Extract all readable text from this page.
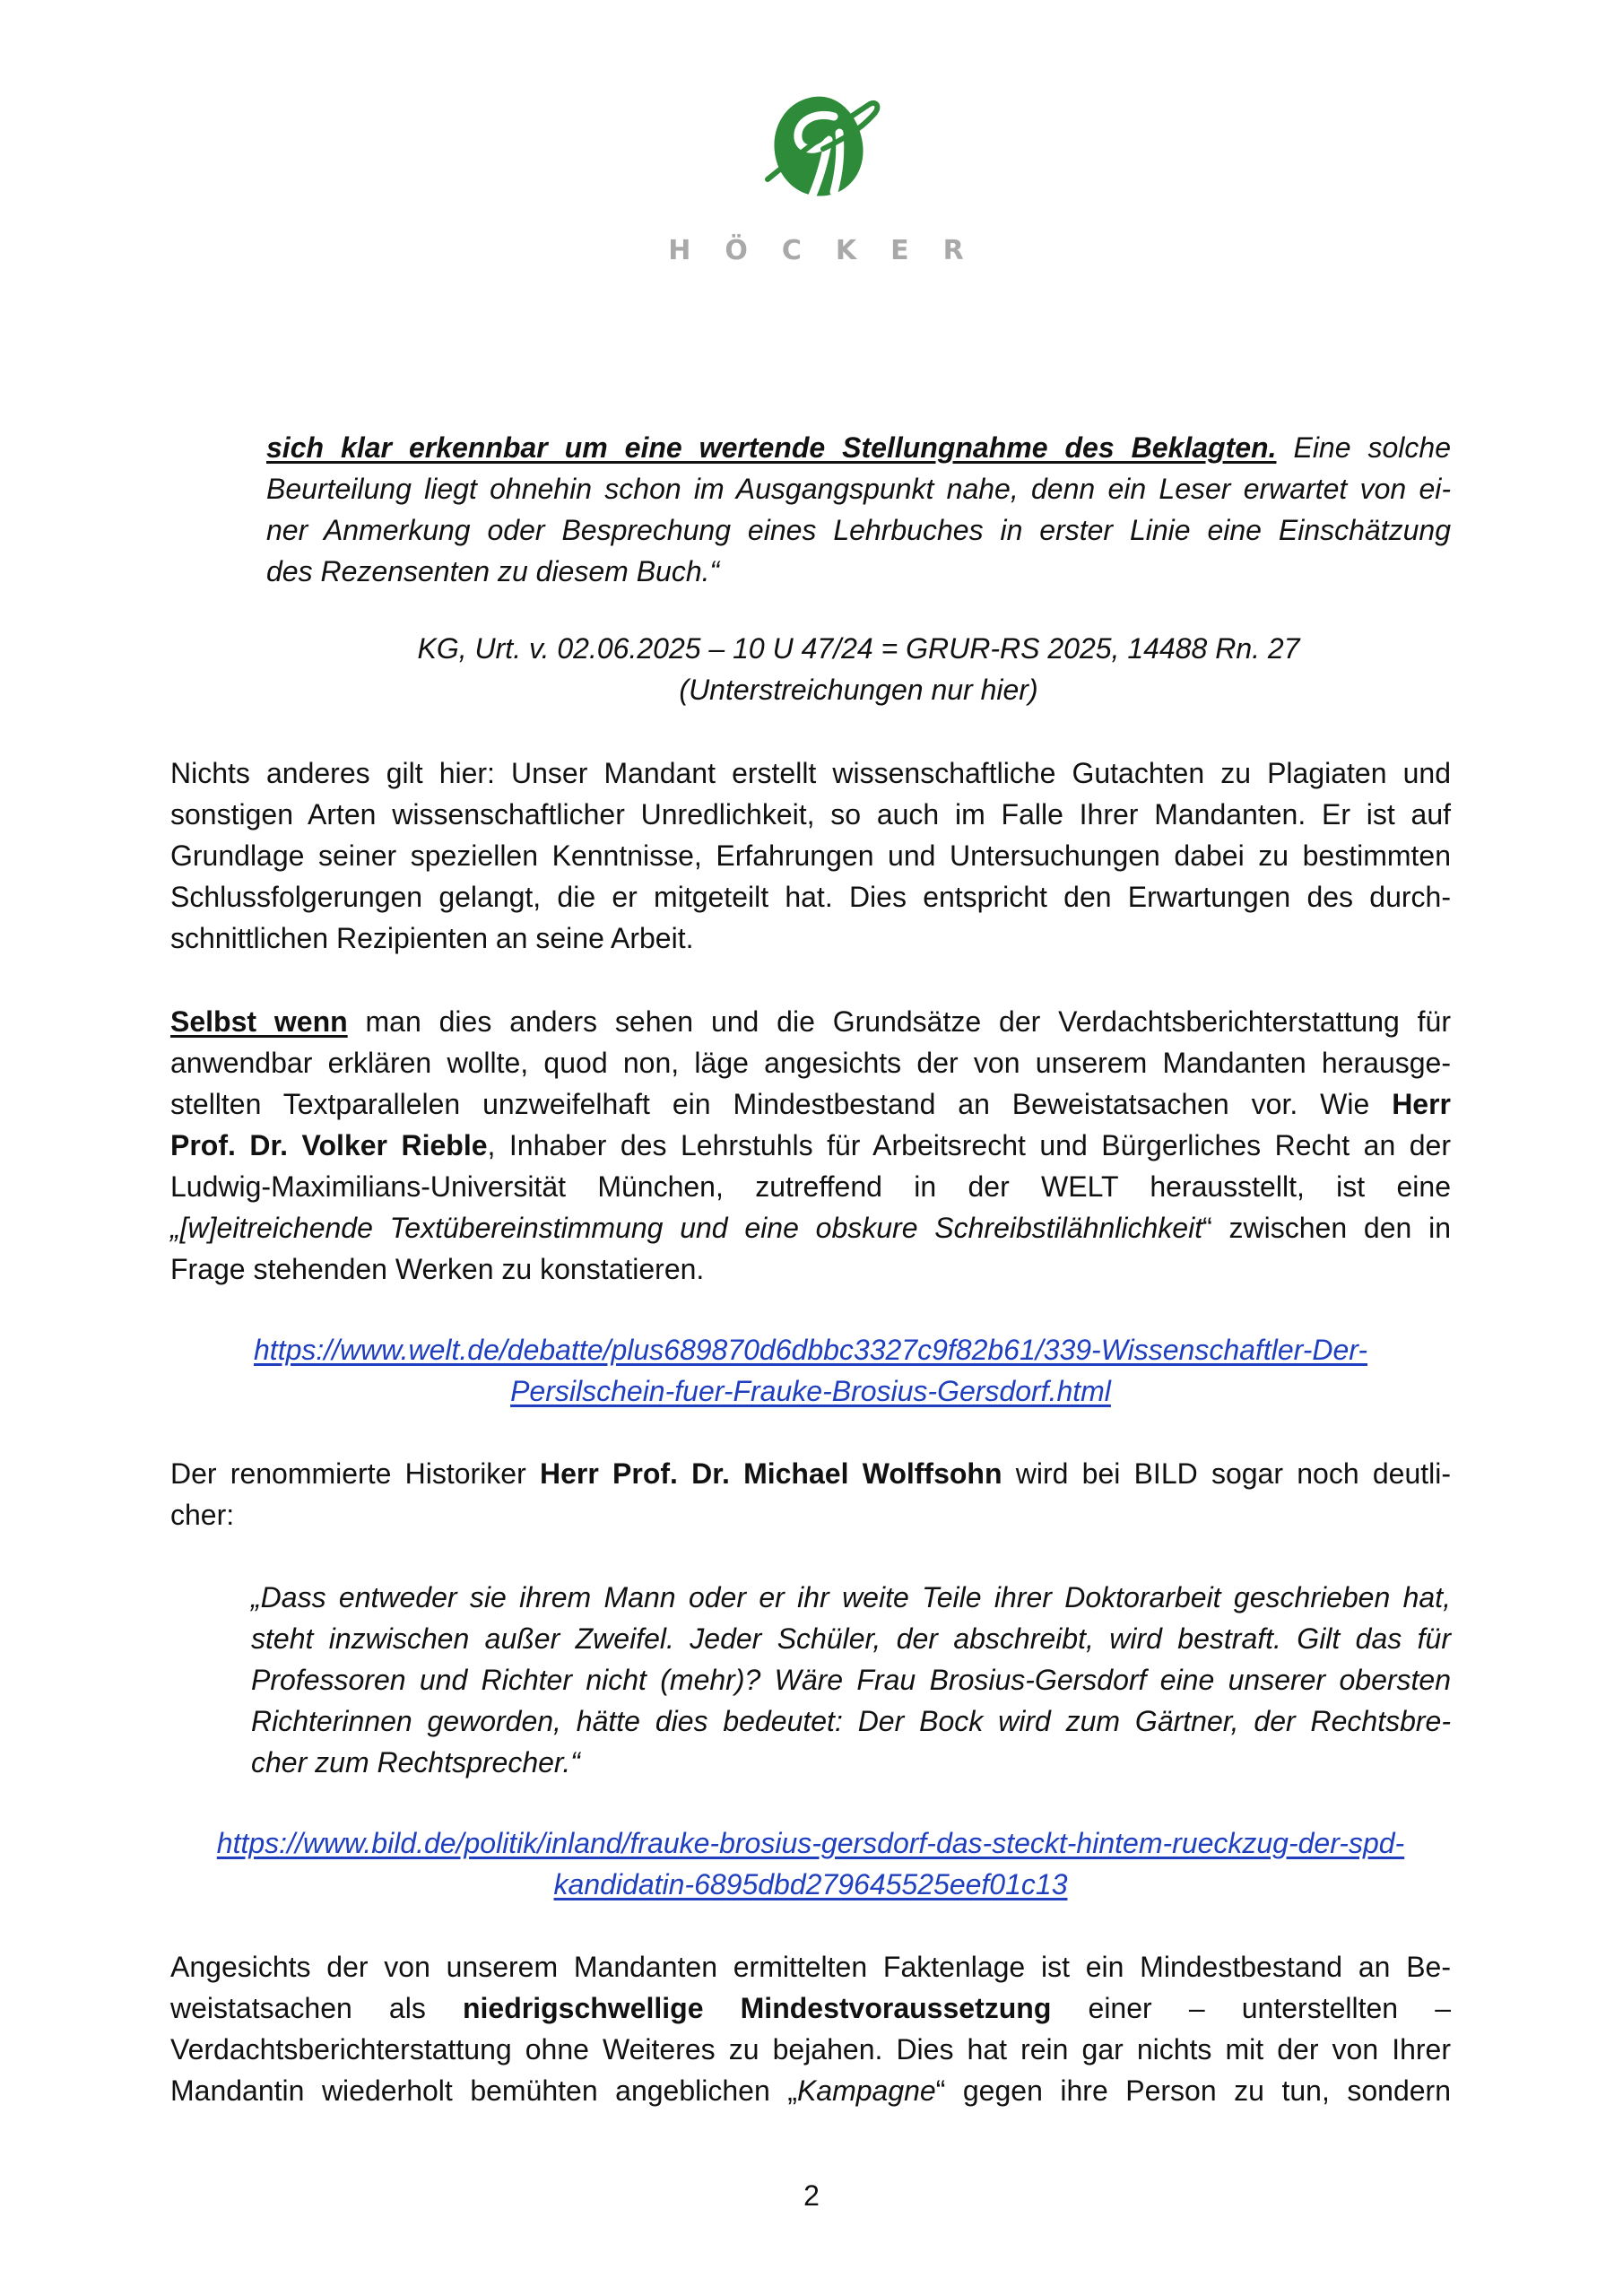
HÖCKER
sich klar erkennbar um eine wertende Stellungnahme des Beklagten. Eine solche
Beurteilung liegt ohnehin schon im Ausgangspunkt nahe, denn ein Leser erwartet von ei-
ner Anmerkung oder Besprechung eines Lehrbuches in erster Linie eine Einschätzung
des Rezensenten zu diesem Buch.“
KG, Urt. v. 02.06.2025 – 10 U 47/24 = GRUR-RS 2025, 14488 Rn. 27
(Unterstreichungen nur hier)
Nichts anderes gilt hier: Unser Mandant erstellt wissenschaftliche Gutachten zu Plagiaten und
sonstigen Arten wissenschaftlicher Unredlichkeit, so auch im Falle Ihrer Mandanten. Er ist auf
Grundlage seiner speziellen Kenntnisse, Erfahrungen und Untersuchungen dabei zu bestimmten
Schlussfolgerungen gelangt, die er mitgeteilt hat. Dies entspricht den Erwartungen des durch-
schnittlichen Rezipienten an seine Arbeit.
Selbst wenn man dies anders sehen und die Grundsätze der Verdachtsberichterstattung für
anwendbar erklären wollte, quod non, läge angesichts der von unserem Mandanten herausge-
stellten Textparallelen unzweifelhaft ein Mindestbestand an Beweistatsachen vor. Wie Herr
Prof. Dr. Volker Rieble, Inhaber des Lehrstuhls für Arbeitsrecht und Bürgerliches Recht an der
Ludwig-Maximilians-Universität München, zutreffend in der WELT herausstellt, ist eine
„[w]eitreichende Textübereinstimmung und eine obskure Schreibstilähnlichkeit“ zwischen den in
Frage stehenden Werken zu konstatieren.
https://www.welt.de/debatte/plus689870d6dbbc3327c9f82b61/339-Wissenschaftler-Der-
Persilschein-fuer-Frauke-Brosius-Gersdorf.html
Der renommierte Historiker Herr Prof. Dr. Michael Wolffsohn wird bei BILD sogar noch deutli-
cher:
„Dass entweder sie ihrem Mann oder er ihr weite Teile ihrer Doktorarbeit geschrieben hat,
steht inzwischen außer Zweifel. Jeder Schüler, der abschreibt, wird bestraft. Gilt das für
Professoren und Richter nicht (mehr)? Wäre Frau Brosius-Gersdorf eine unserer obersten
Richterinnen geworden, hätte dies bedeutet: Der Bock wird zum Gärtner, der Rechtsbre-
cher zum Rechtsprecher.“
https://www.bild.de/politik/inland/frauke-brosius-gersdorf-das-steckt-hintem-rueckzug-der-spd-
kandidatin-6895dbd279645525eef01c13
Angesichts der von unserem Mandanten ermittelten Faktenlage ist ein Mindestbestand an Be-
weistatsachen als niedrigschwellige Mindestvoraussetzung einer – unterstellten –
Verdachtsberichterstattung ohne Weiteres zu bejahen. Dies hat rein gar nichts mit der von Ihrer
Mandantin wiederholt bemühten angeblichen „Kampagne“ gegen ihre Person zu tun, sondern
2
